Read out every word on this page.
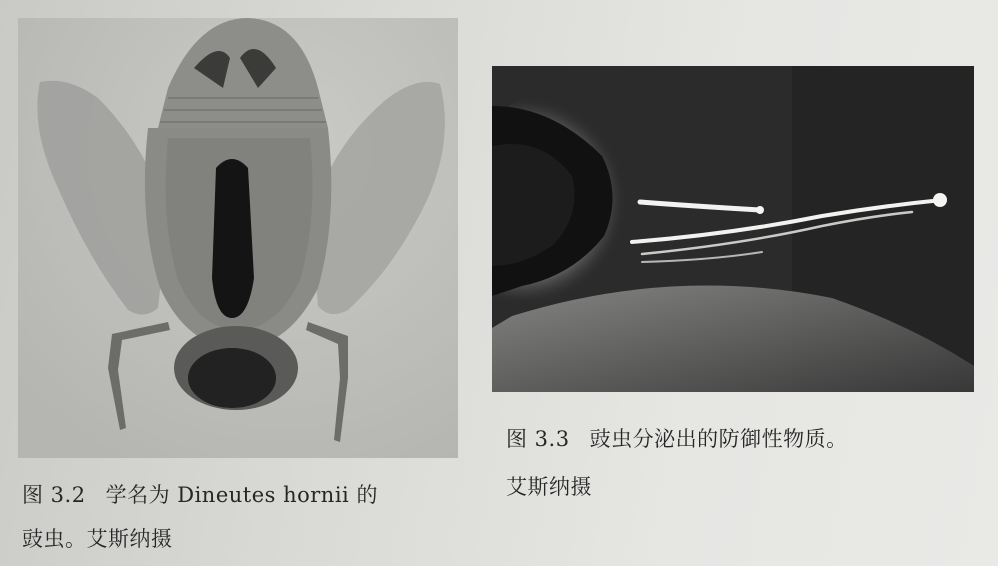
图 3.2 学名为 Dineutes hornii 的
豉虫。艾斯纳摄
图 3.3 豉虫分泌出的防御性物质。
艾斯纳摄
